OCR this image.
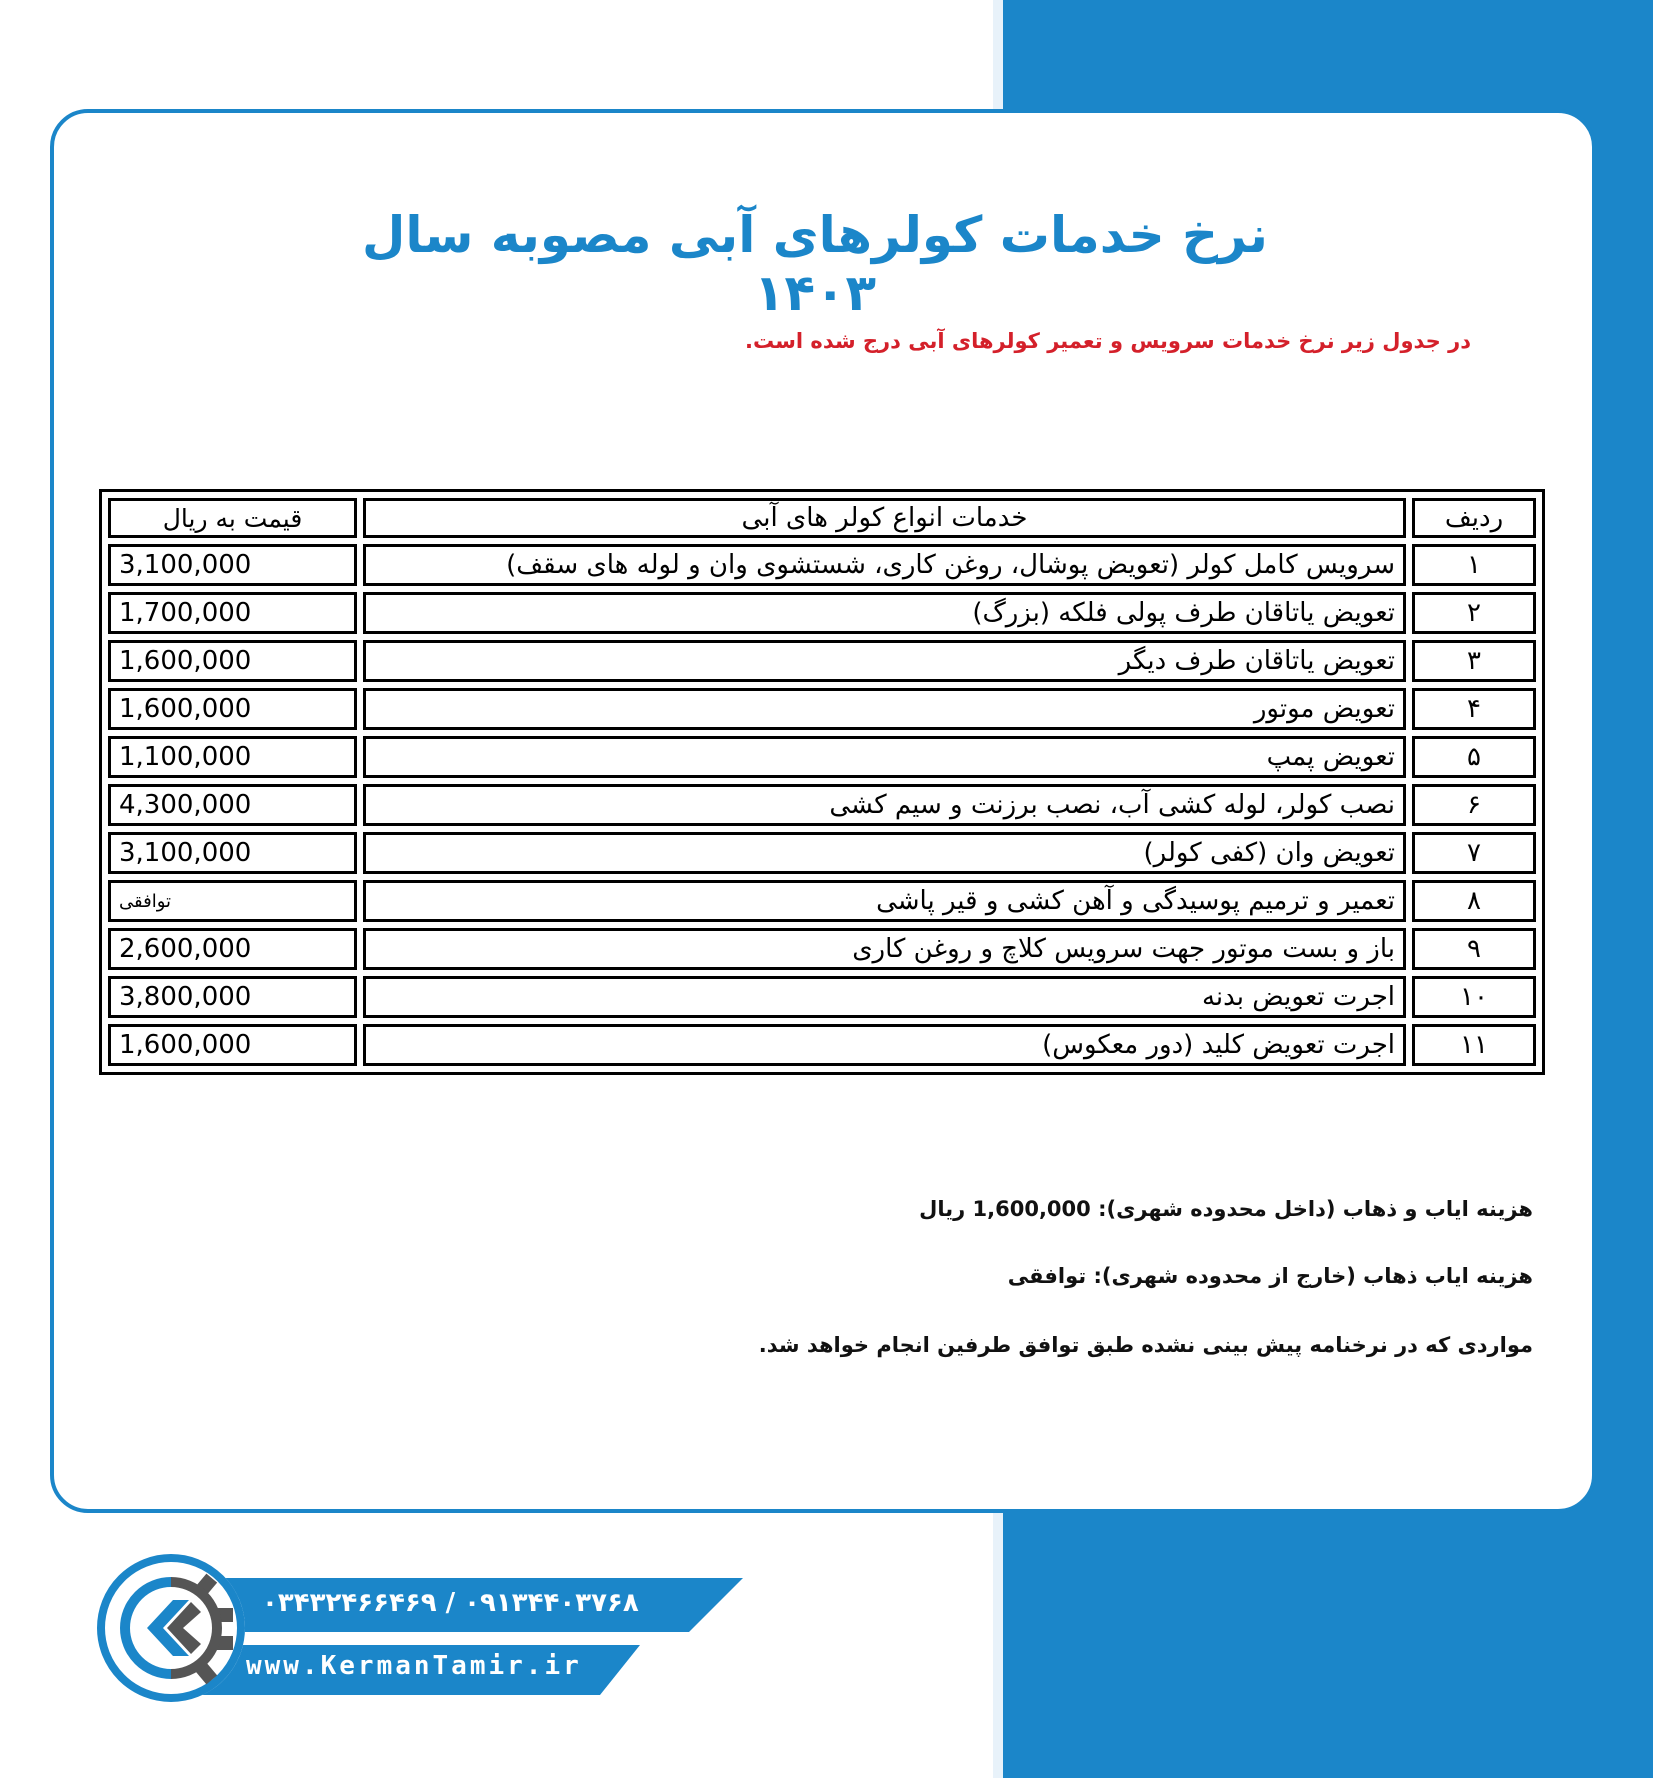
نرخ خدمات کولرهای آبی مصوبه سال ۱۴۰۳
در جدول زیر نرخ خدمات سرویس و تعمیر کولرهای آبی درج شده است.
ردیف	خدمات انواع کولر های آبی	قیمت به ریال
۱	سرویس کامل کولر (تعویض پوشال، روغن کاری، شستشوی وان و لوله های سقف)	3,100,000
۲	تعویض یاتاقان طرف پولی فلکه (بزرگ)	1,700,000
۳	تعویض یاتاقان طرف دیگر	1,600,000
۴	تعویض موتور	1,600,000
۵	تعویض پمپ	1,100,000
۶	نصب کولر، لوله کشی آب، نصب برزنت و سیم کشی	4,300,000
۷	تعویض وان (کفی کولر)	3,100,000
۸	تعمیر و ترمیم پوسیدگی و آهن کشی و قیر پاشی	توافقی
۹	باز و بست موتور جهت سرویس کلاچ و روغن کاری	2,600,000
۱۰	اجرت تعویض بدنه	3,800,000
۱۱	اجرت تعویض کلید (دور معکوس)	1,600,000
هزینه ایاب و ذهاب (داخل محدوده شهری): 1,600,000 ریال
هزینه ایاب ذهاب (خارج از محدوده شهری): توافقی
مواردی که در نرخنامه پیش بینی نشده طبق توافق طرفین انجام خواهد شد.
۰۳۴۳۲۴۶۶۴۶۹ / ۰۹۱۳۴۴۰۳۷۶۸
www.KermanTamir.ir
